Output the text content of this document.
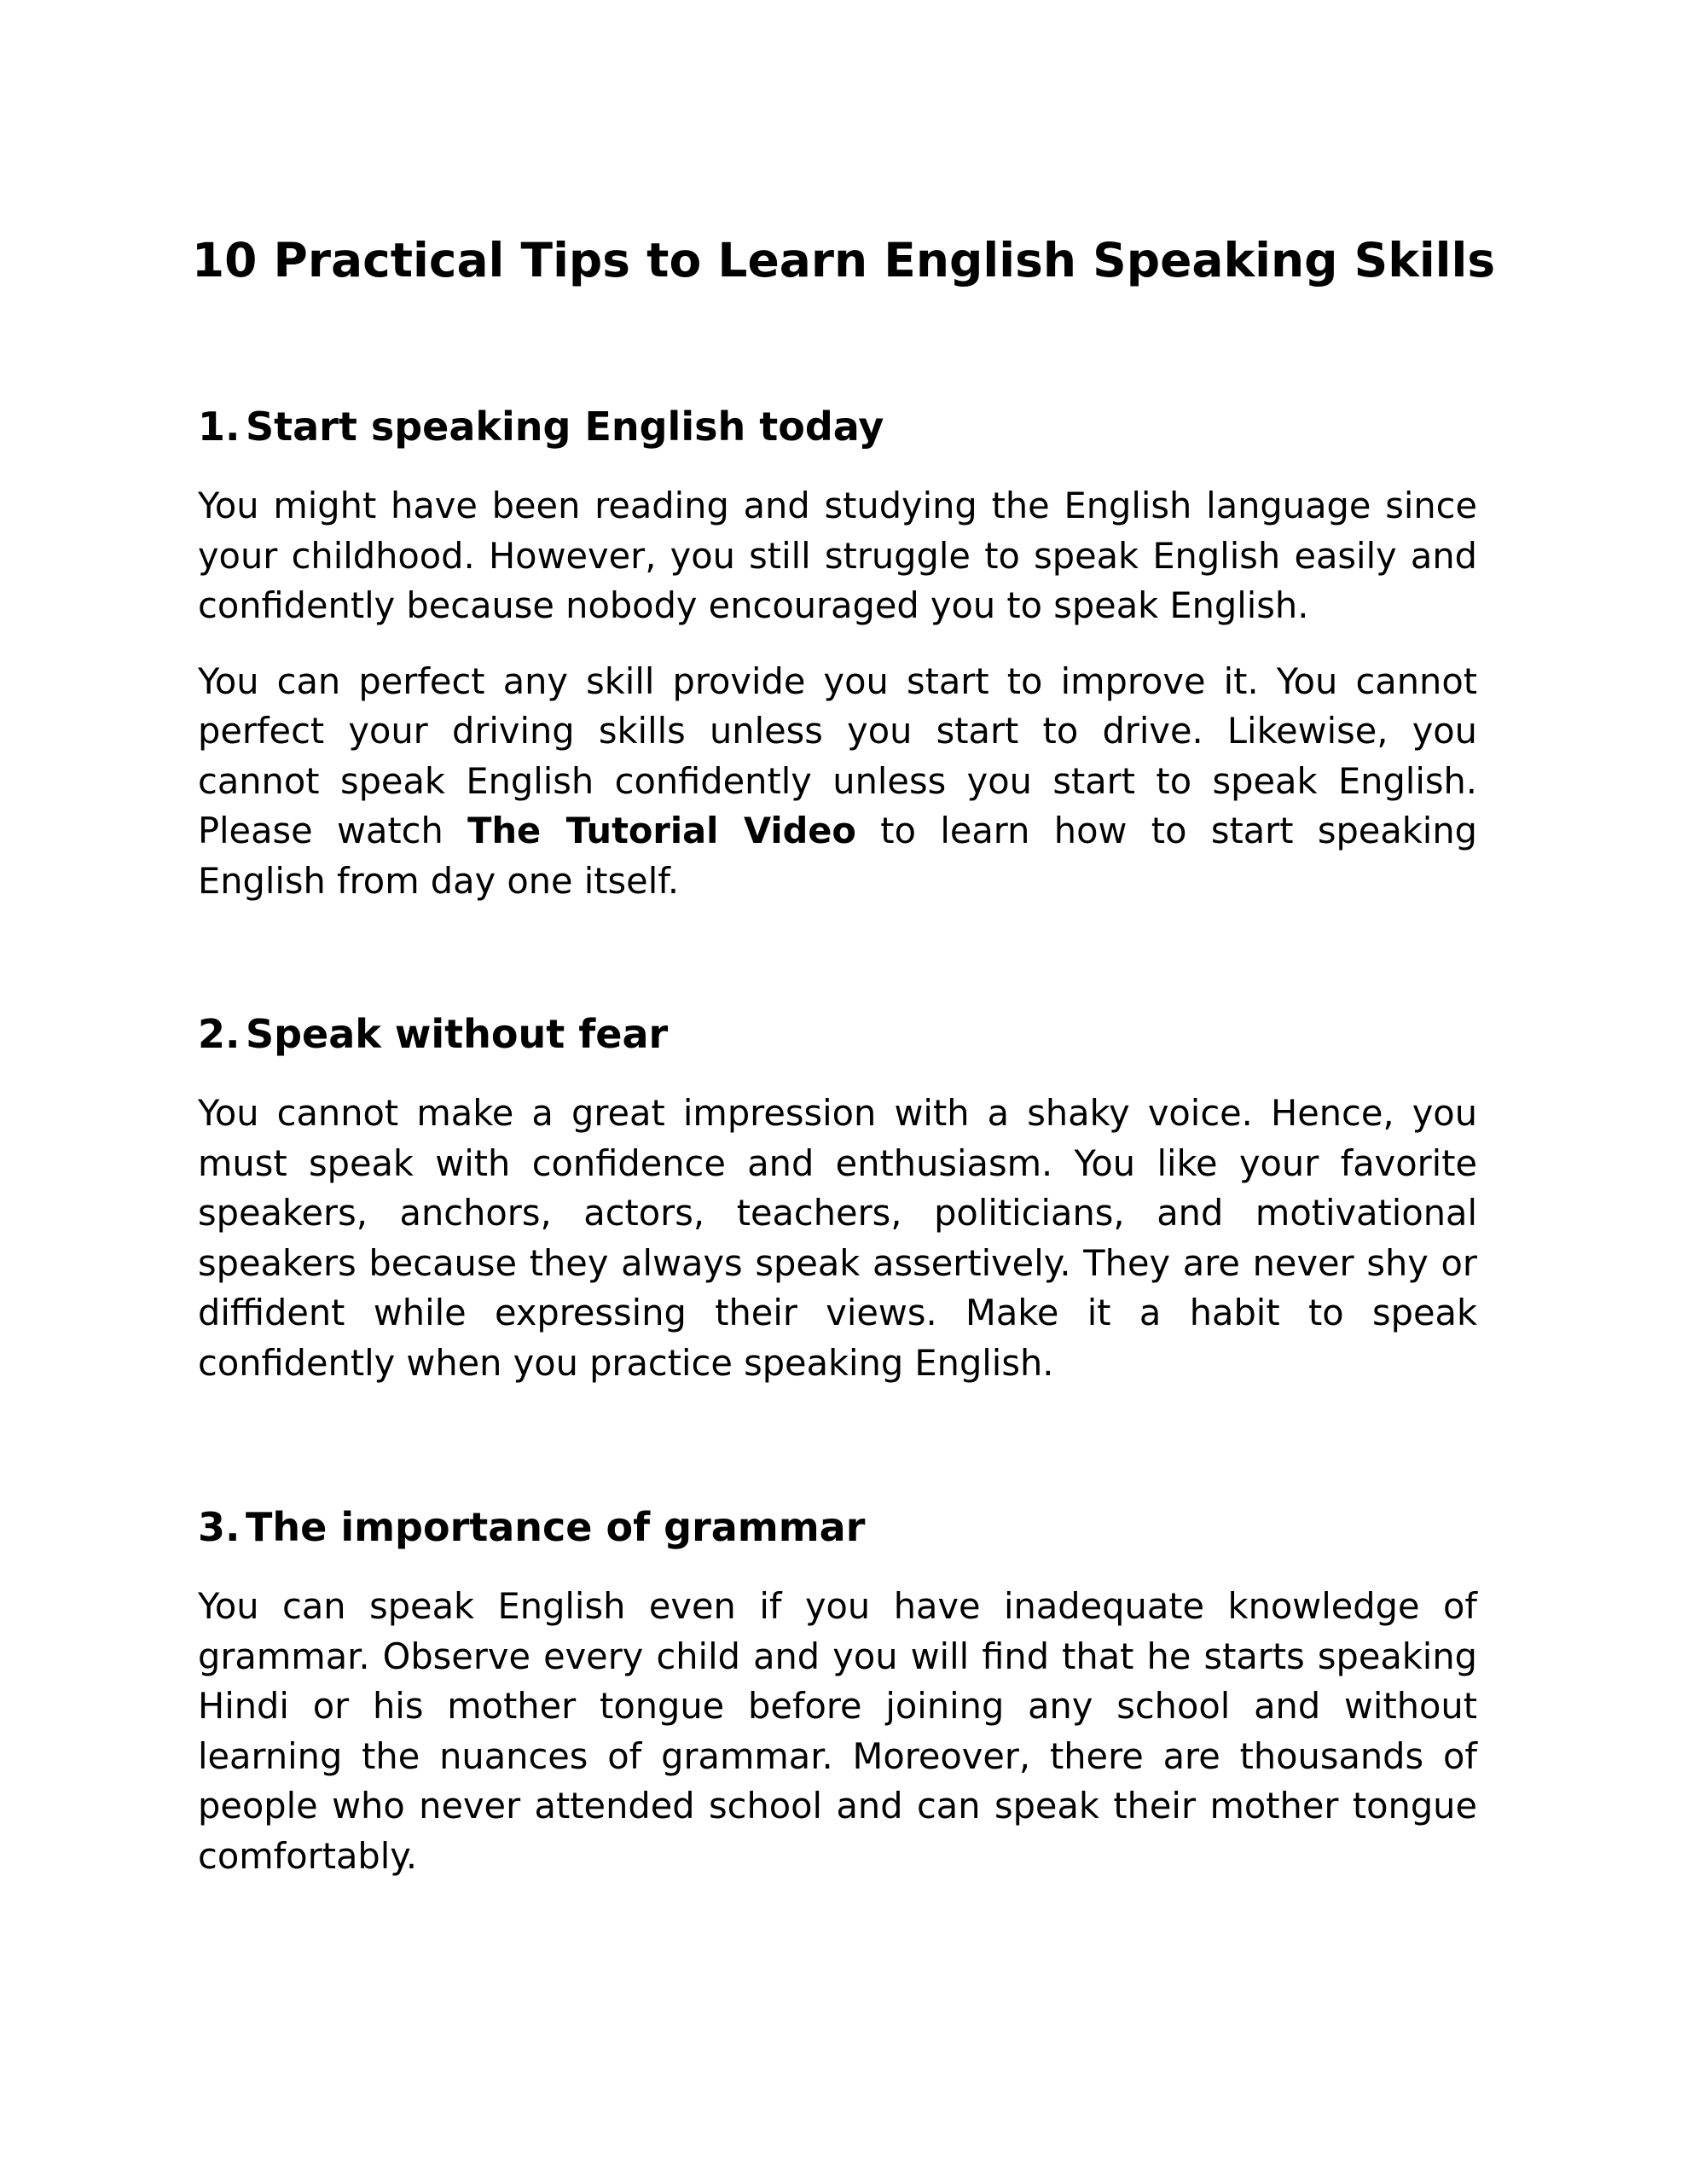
10 Practical Tips to Learn English Speaking Skills
1. Start speaking English today

You might have been reading and studying the English language since your childhood. However, you still struggle to speak English easily and confidently because nobody encouraged you to speak English.

You can perfect any skill provide you start to improve it. You cannot perfect your driving skills unless you start to drive. Likewise, you cannot speak English confidently unless you start to speak English. Please watch The Tutorial Video to learn how to start speaking English from day one itself.

2. Speak without fear

You cannot make a great impression with a shaky voice. Hence, you must speak with confidence and enthusiasm. You like your favorite speakers, anchors, actors, teachers, politicians, and motivational speakers because they always speak assertively. They are never shy or diffident while expressing their views. Make it a habit to speak confidently when you practice speaking English.

3. The importance of grammar

You can speak English even if you have inadequate knowledge of grammar. Observe every child and you will find that he starts speaking Hindi or his mother tongue before joining any school and without learning the nuances of grammar. Moreover, there are thousands of people who never attended school and can speak their mother tongue comfortably.
